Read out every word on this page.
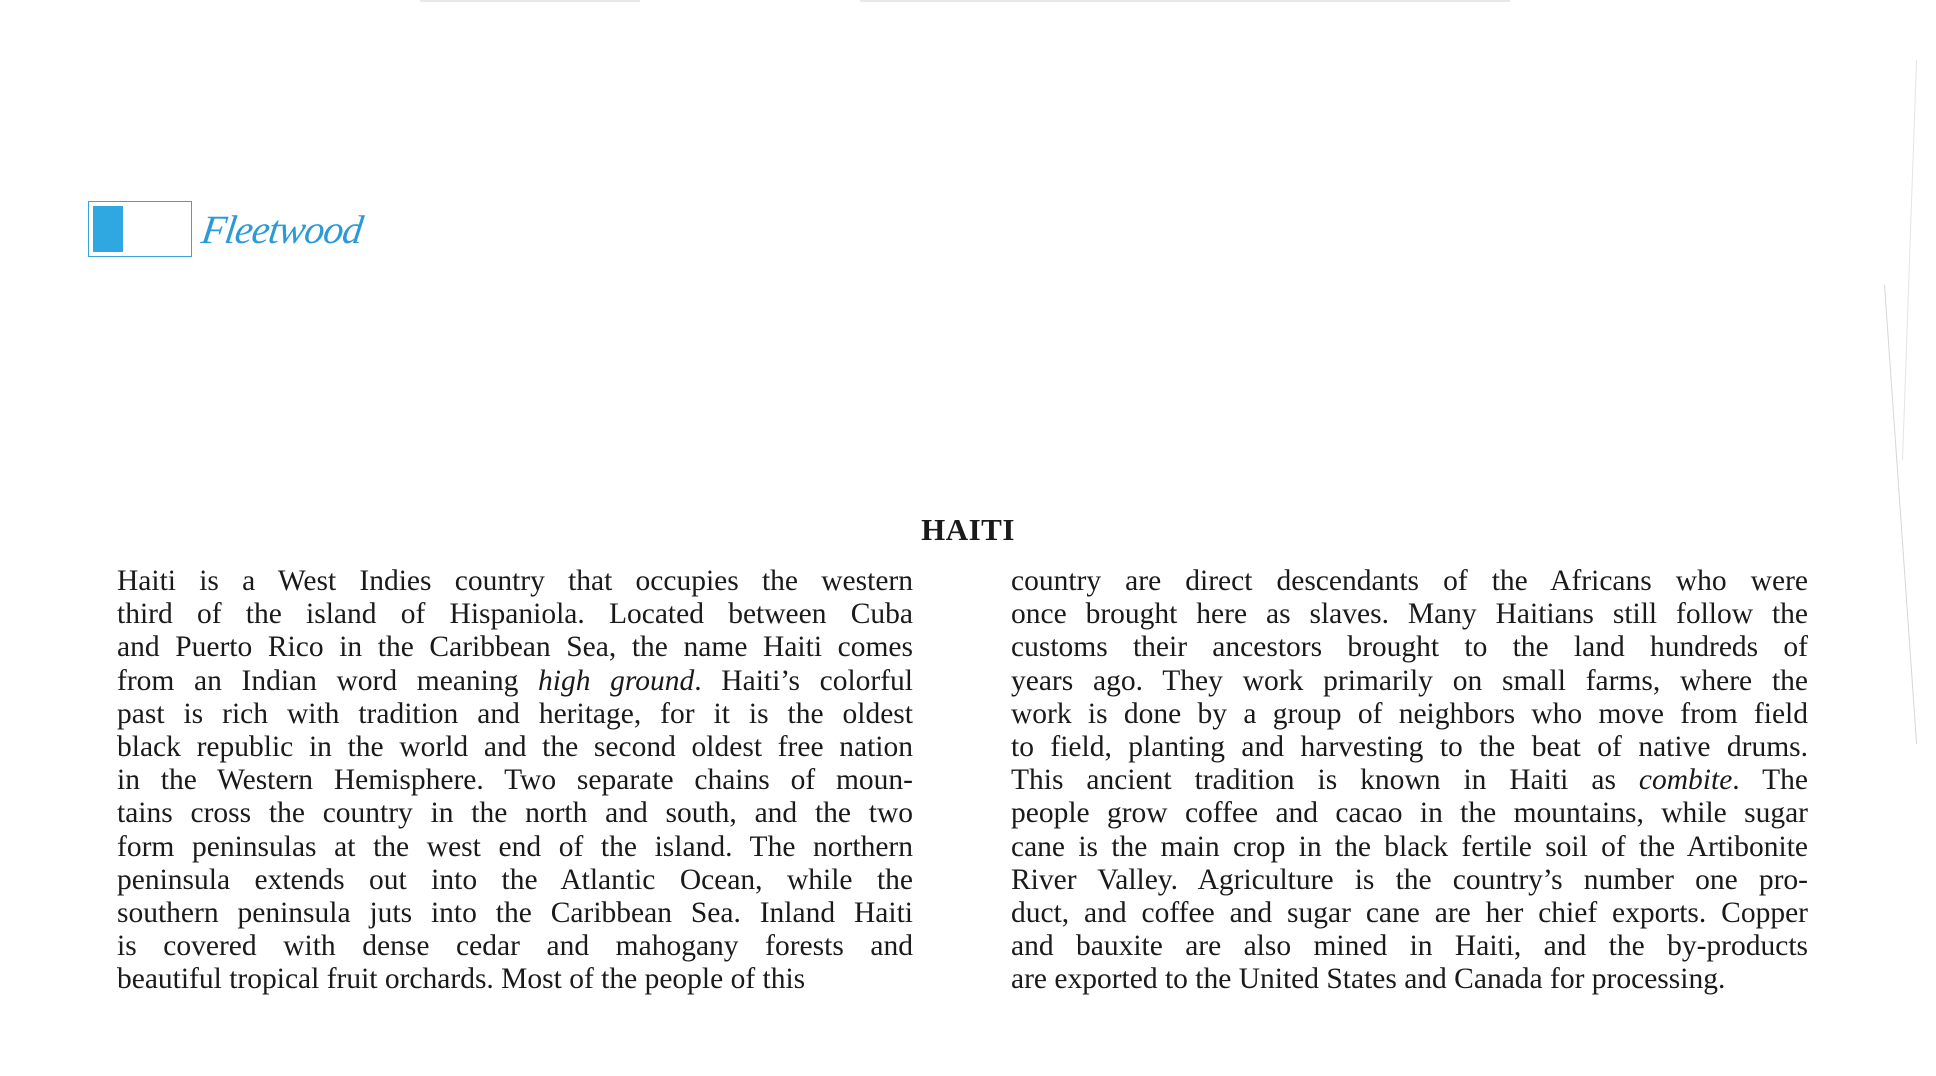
Fleetwood
HAITI
Haiti is a West Indies country that occupies the western
third of the island of Hispaniola. Located between Cuba
and Puerto Rico in the Caribbean Sea, the name Haiti comes
from an Indian word meaning high ground. Haiti’s colorful
past is rich with tradition and heritage, for it is the oldest
black republic in the world and the second oldest free nation
in the Western Hemisphere. Two separate chains of moun-
tains cross the country in the north and south, and the two
form peninsulas at the west end of the island. The northern
peninsula extends out into the Atlantic Ocean, while the
southern peninsula juts into the Caribbean Sea. Inland Haiti
is covered with dense cedar and mahogany forests and
beautiful tropical fruit orchards. Most of the people of this
country are direct descendants of the Africans who were
once brought here as slaves. Many Haitians still follow the
customs their ancestors brought to the land hundreds of
years ago. They work primarily on small farms, where the
work is done by a group of neighbors who move from field
to field, planting and harvesting to the beat of native drums.
This ancient tradition is known in Haiti as combite. The
people grow coffee and cacao in the mountains, while sugar
cane is the main crop in the black fertile soil of the Artibonite
River Valley. Agriculture is the country’s number one pro-
duct, and coffee and sugar cane are her chief exports. Copper
and bauxite are also mined in Haiti, and the by-products
are exported to the United States and Canada for processing.
